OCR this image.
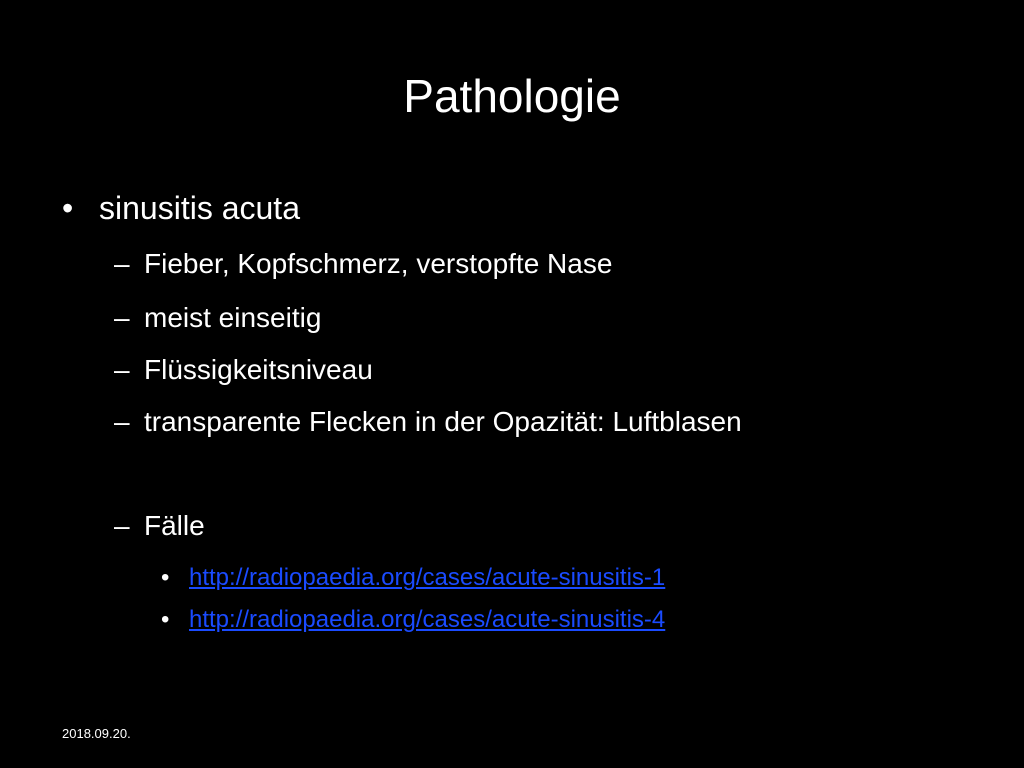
Pathologie
• sinusitis acuta
– Fieber, Kopfschmerz, verstopfte Nase
– meist einseitig
– Flüssigkeitsniveau
– transparente Flecken in der Opazität: Luftblasen
– Fälle
• http://radiopaedia.org/cases/acute-sinusitis-1
• http://radiopaedia.org/cases/acute-sinusitis-4
2018.09.20.
